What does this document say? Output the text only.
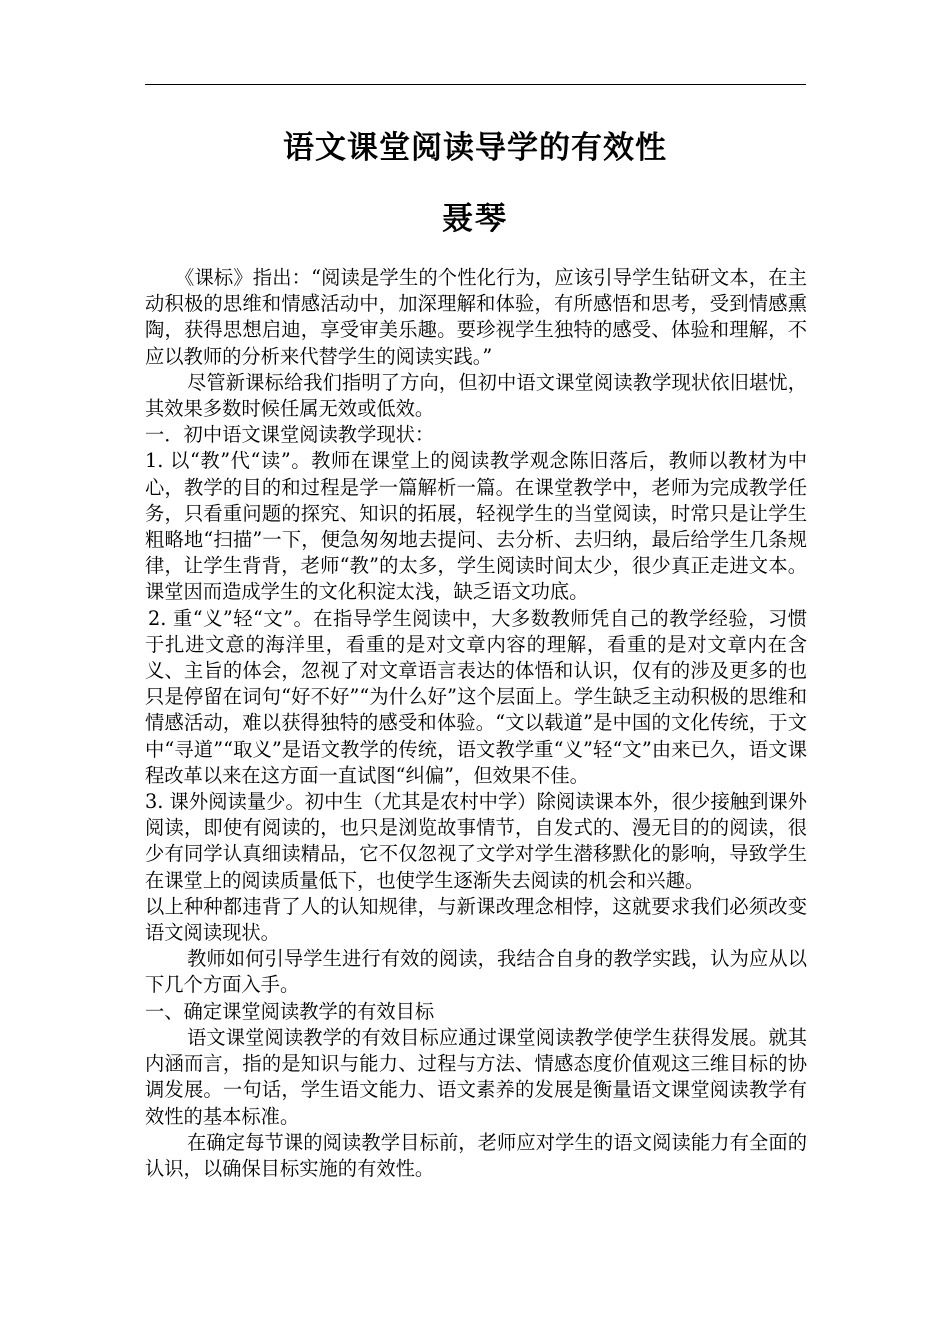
语文课堂阅读导学的有效性
聂琴

《课标》指出：“阅读是学生的个性化行为，应该引导学生钻研文本，在主动积极的思维和情感活动中，加深理解和体验，有所感悟和思考，受到情感熏陶，获得思想启迪，享受审美乐趣。要珍视学生独特的感受、体验和理解，不应以教师的分析来代替学生的阅读实践。”

尽管新课标给我们指明了方向，但初中语文课堂阅读教学现状依旧堪忧，其效果多数时候任属无效或低效。

一．初中语文课堂阅读教学现状：

1. 以“教”代“读”。教师在课堂上的阅读教学观念陈旧落后，教师以教材为中心，教学的目的和过程是学一篇解析一篇。在课堂教学中，老师为完成教学任务，只看重问题的探究、知识的拓展，轻视学生的当堂阅读，时常只是让学生粗略地“扫描”一下，便急匆匆地去提问、去分析、去归纳，最后给学生几条规律，让学生背背，老师“教”的太多，学生阅读时间太少，很少真正走进文本。课堂因而造成学生的文化积淀太浅，缺乏语文功底。

2. 重“义”轻“文”。在指导学生阅读中，大多数教师凭自己的教学经验，习惯于扎进文意的海洋里，看重的是对文章内容的理解，看重的是对文章内在含义、主旨的体会，忽视了对文章语言表达的体悟和认识，仅有的涉及更多的也只是停留在词句“好不好”“为什么好”这个层面上。学生缺乏主动积极的思维和情感活动，难以获得独特的感受和体验。“文以载道”是中国的文化传统，于文中“寻道”“取义”是语文教学的传统，语文教学重“义”轻“文”由来已久，语文课程改革以来在这方面一直试图“纠偏”，但效果不佳。

3. 课外阅读量少。初中生（尤其是农村中学）除阅读课本外，很少接触到课外阅读，即使有阅读的，也只是浏览故事情节，自发式的、漫无目的的阅读，很少有同学认真细读精品，它不仅忽视了文学对学生潜移默化的影响，导致学生在课堂上的阅读质量低下，也使学生逐渐失去阅读的机会和兴趣。

以上种种都违背了人的认知规律，与新课改理念相悖，这就要求我们必须改变语文阅读现状。

教师如何引导学生进行有效的阅读，我结合自身的教学实践，认为应从以下几个方面入手。

一、确定课堂阅读教学的有效目标

语文课堂阅读教学的有效目标应通过课堂阅读教学使学生获得发展。就其内涵而言，指的是知识与能力、过程与方法、情感态度价值观这三维目标的协调发展。一句话，学生语文能力、语文素养的发展是衡量语文课堂阅读教学有效性的基本标准。

在确定每节课的阅读教学目标前，老师应对学生的语文阅读能力有全面的认识，以确保目标实施的有效性。
